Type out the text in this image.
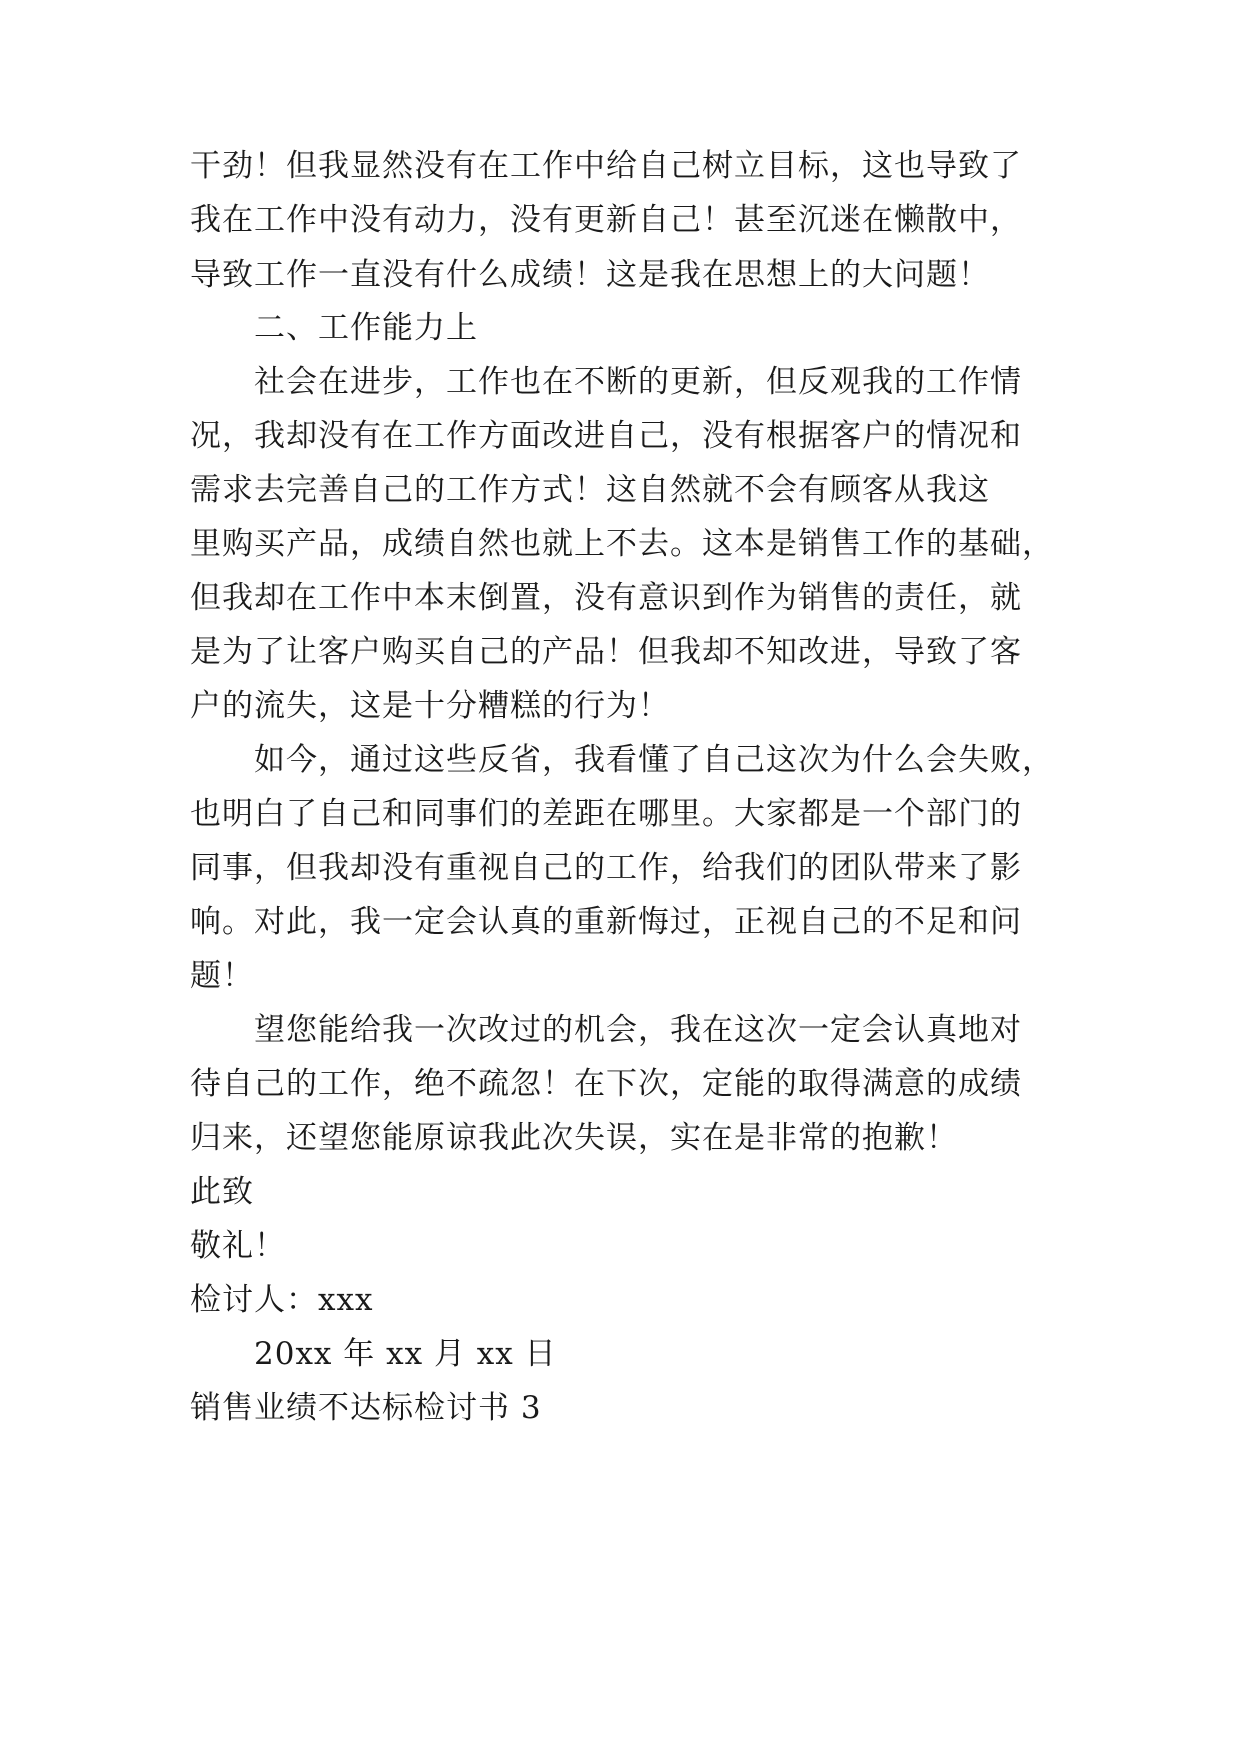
干劲！但我显然没有在工作中给自己树立目标，这也导致了
我在工作中没有动力，没有更新自己！甚至沉迷在懒散中，
导致工作一直没有什么成绩！这是我在思想上的大问题！
二、工作能力上
社会在进步，工作也在不断的更新，但反观我的工作情
况，我却没有在工作方面改进自己，没有根据客户的情况和
需求去完善自己的工作方式！这自然就不会有顾客从我这
里购买产品，成绩自然也就上不去。这本是销售工作的基础，
但我却在工作中本末倒置，没有意识到作为销售的责任，就
是为了让客户购买自己的产品！但我却不知改进，导致了客
户的流失，这是十分糟糕的行为！
如今，通过这些反省，我看懂了自己这次为什么会失败，
也明白了自己和同事们的差距在哪里。大家都是一个部门的
同事，但我却没有重视自己的工作，给我们的团队带来了影
响。对此，我一定会认真的重新悔过，正视自己的不足和问
题！
望您能给我一次改过的机会，我在这次一定会认真地对
待自己的工作，绝不疏忽！在下次，定能的取得满意的成绩
归来，还望您能原谅我此次失误，实在是非常的抱歉！
此致
敬礼！
检讨人：xxx
20xx 年 xx 月 xx 日
销售业绩不达标检讨书 3
